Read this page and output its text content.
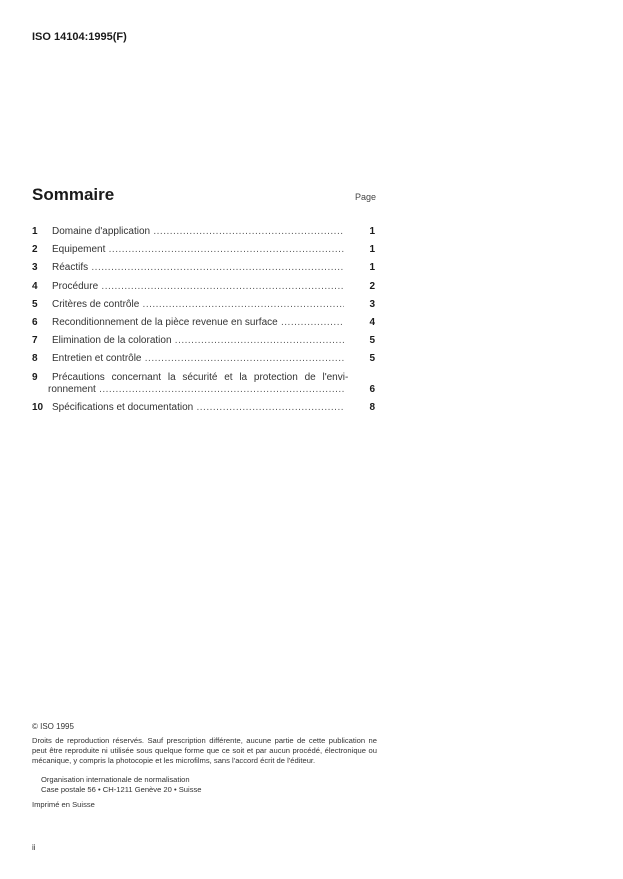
ISO 14104:1995(F)
Sommaire	Page
1 Domaine d'application .....	1
2 Équipement .....	1
3 Réactifs .....	1
4 Procédure .....	2
5 Critères de contrôle .....	3
6 Reconditionnement de la pièce revenue en surface .....	4
7 Élimination de la coloration .....	5
8 Entretien et contrôle .....	5
9 Précautions concernant la sécurité et la protection de l'envi-
ronnement .....	6
10 Spécifications et documentation .....	8
© ISO 1995
Droits de reproduction réservés. Sauf prescription différente, aucune partie de cette publication ne peut être reproduite ni utilisée sous quelque forme que ce soit et par aucun procédé, électronique ou mécanique, y compris la photocopie et les microfilms, sans l'accord écrit de l'éditeur.
Organisation internationale de normalisation
Case postale 56 • CH-1211 Genève 20 • Suisse
Imprimé en Suisse
ii
